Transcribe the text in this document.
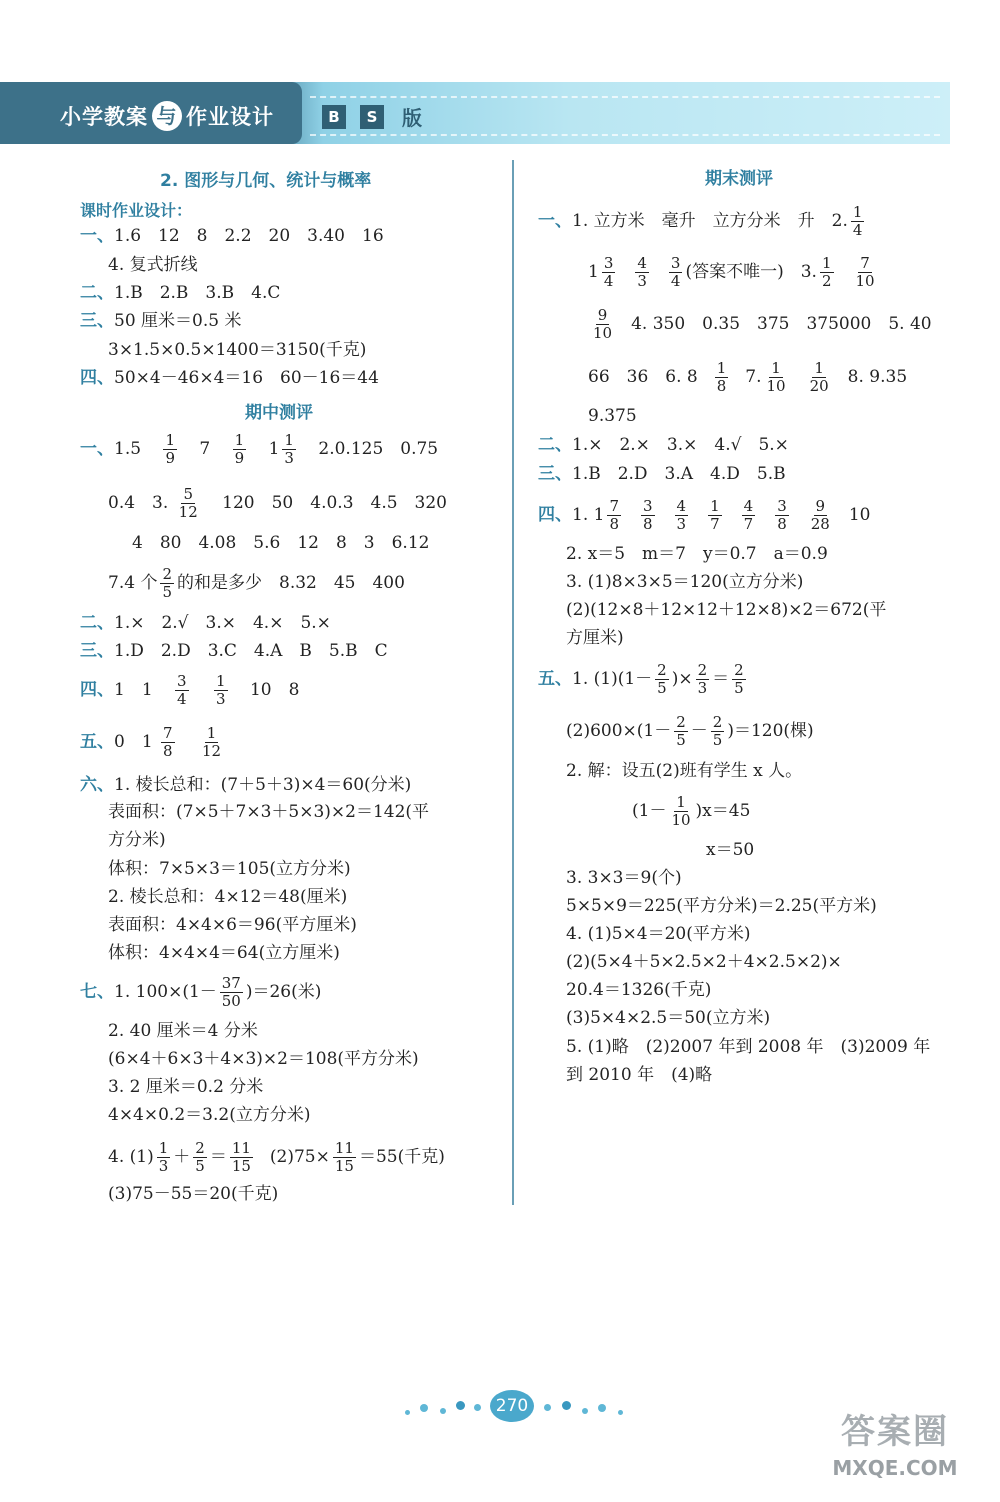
小学教案 与 作业设计	B	S	版
2. 图形与几何、统计与概率
课时作业设计：
一、1.6　12　8　2.2　20　3.40　16
4. 复式折线
二、1.B　2.B　3.B　4.C
三、50 厘米＝0.5 米
3×1.5×0.5×1400＝3150(千克)
四、50×4－46×4＝16　60－16＝44
期中测评
一、$1.5 \frac{1}{9} 7 \frac{1}{9} 1 \frac{1}{3} 2.0.125$　0.75
0.4　3. $\frac{5}{12} 120$　50　4.0.3　4.5　320
4　80　4.08　5.6　12　8　3　6.12
7.4 个 $\frac{2}{5}$ 的和是多少　8.32　45　400
二、1.×　2.√　3.×　4.×　5.×
三、1.D　2.D　3.C　4.A　B　5.B　C
四、1　$1 \frac{3}{4}$
$\frac{1}{3} 10$　8
五、0　$1 \frac{7}{8}$
$\frac{1}{12}$
六、1. 棱长总和：(7＋5＋3)×4＝60(分米)
表面积：(7×5＋7×3＋5×3)×2＝142(平
方分米)
体积：7×5×3＝105(立方分米)
2. 棱长总和：4×12＝48(厘米)
表面积：4×4×6＝96(平方厘米)
体积：4×4×4＝64(立方厘米)
七、1. $100\times(1- \frac{37}{50} )=26$(米)
2. 40 厘米＝4 分米
(6×4＋6×3＋4×3)×2＝108(平方分米)
3. 2 厘米＝0.2 分米
4×4×0.2＝3.2(立方分米)
4. $(1) \frac{1}{3} + \frac{2}{5} = \frac{11}{15} (2)75\times \frac{11}{15} =55$(千克)
(3)75－55＝20(千克)
期末测评
一、1. 立方米　毫升　立方分米　升　2. $\frac{1}{4}$
$1 \frac{3}{4} \frac{4}{3} \frac{3}{4}$ (答案不唯一)　3. $\frac{1}{2} \frac{7}{10}$
$\frac{9}{10} 4$. 350　0.35　375　375000　5. 40
66　36　6. $8 \frac{1}{8} 7$. $\frac{1}{10} \frac{1}{20} 8$. 9.35
9.375
二、1.×　2.×　3.×　4.√　5.×
三、1.B　2.D　3.A　4.D　5.B
四、1. $1 \frac{7}{8} \frac{3}{8} \frac{4}{3} \frac{1}{7} \frac{4}{7} \frac{3}{8} \frac{9}{28} 10$
2. x＝5　m＝7　y＝0.7　a＝0.9
3. (1)8×3×5＝120(立方分米)
(2)(12×8＋12×12＋12×8)×2＝672(平
方厘米)
五、1. $(1)(1- \frac{2}{5}$ )× $\frac{2}{3} = \frac{2}{5}$
$(2)600\times(1- \frac{2}{5} - \frac{2}{5} )=120$(棵)
2. 解：设五(2)班有学生 x 人。
$(1- \frac{1}{10} )x=45$
x＝50
3. 3×3＝9(个)
5×5×9＝225(平方分米)＝2.25(平方米)
4. (1)5×4＝20(平方米)
(2)(5×4＋5×2.5×2＋4×2.5×2)×
20.4＝1326(千克)
(3)5×4×2.5＝50(立方米)
5. (1)略　(2)2007 年到 2008 年　(3)2009 年
到 2010 年　(4)略
270
答案圈
MXQE.COM
